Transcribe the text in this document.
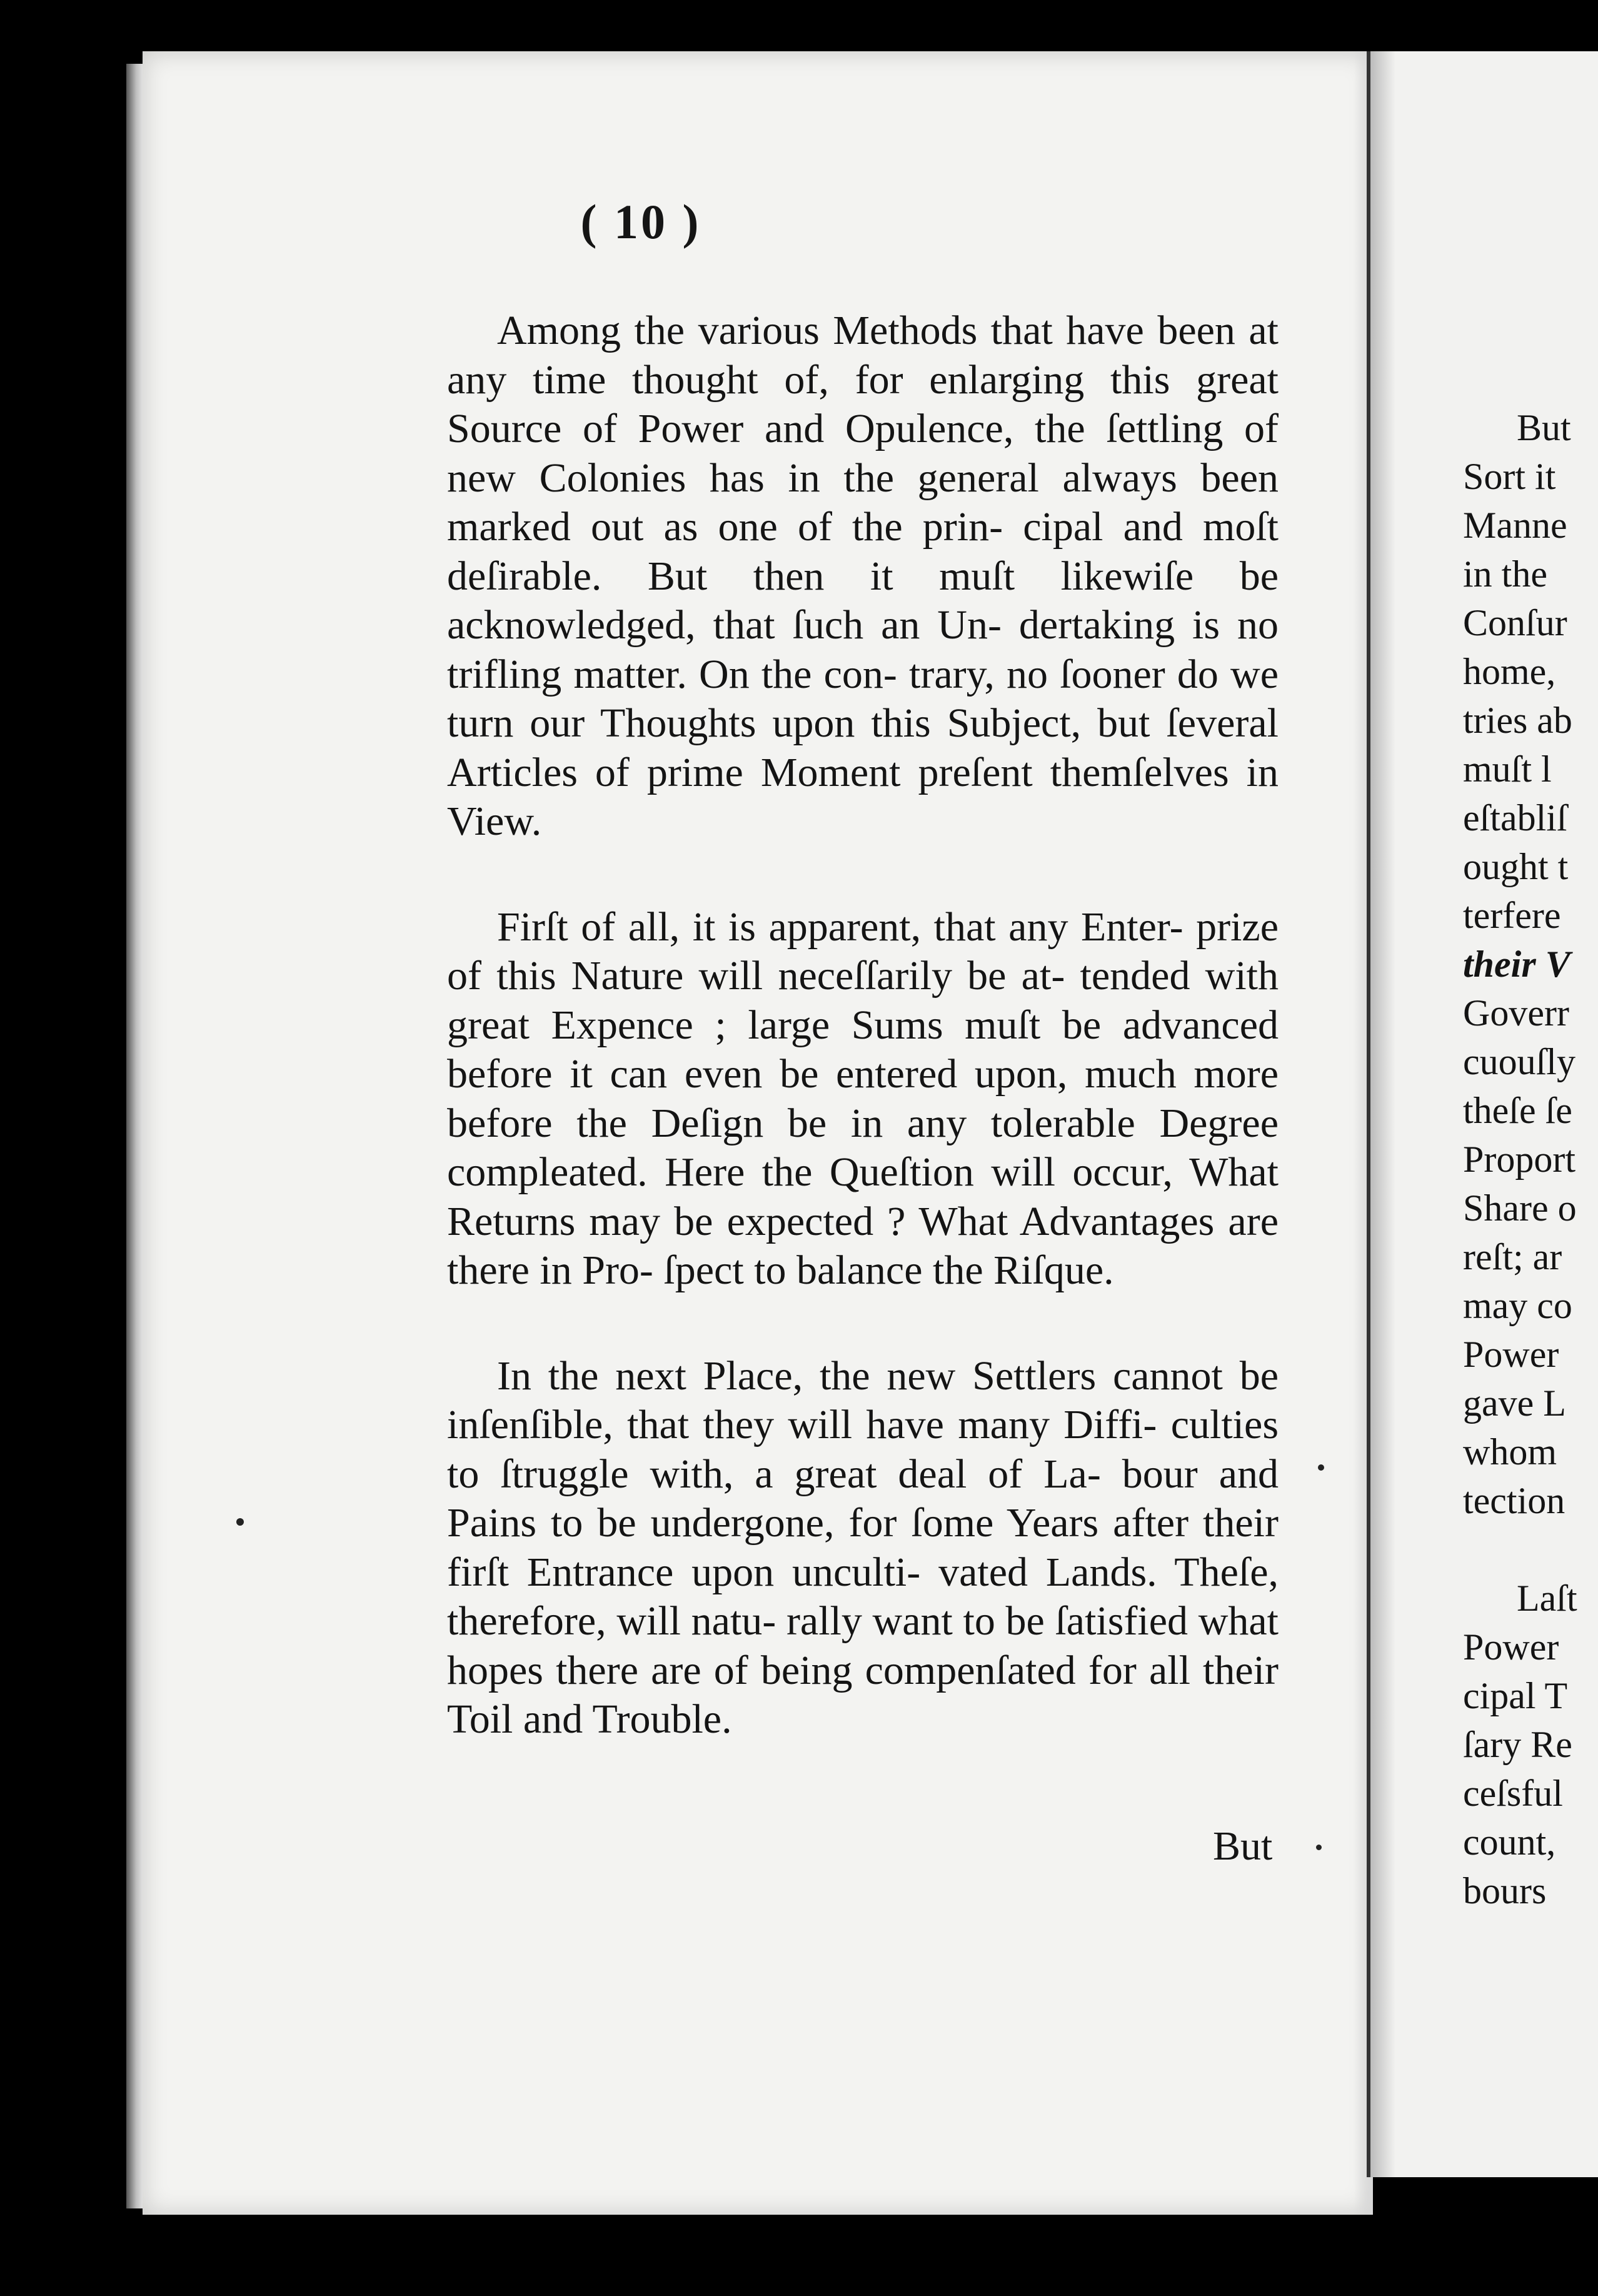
( 10 )

Among the various Methods that have been at any time thought of, for enlarging this great Source of Power and Opulence, the ſettling of new Colonies has in the general always been marked out as one of the prin- cipal and moſt deſirable. But then it muſt likewiſe be acknowledged, that ſuch an Un- dertaking is no trifling matter. On the con- trary, no ſooner do we turn our Thoughts upon this Subject, but ſeveral Articles of prime Moment preſent themſelves in View.

Firſt of all, it is apparent, that any Enter- prize of this Nature will neceſſarily be at- tended with great Expence ; large Sums muſt be advanced before it can even be entered upon, much more before the Deſign be in any tolerable Degree compleated. Here the Queſtion will occur, What Returns may be expected ? What Advantages are there in Pro- ſpect to balance the Riſque.

In the next Place, the new Settlers cannot be inſenſible, that they will have many Diffi- culties to ſtruggle with, a great deal of La- bour and Pains to be undergone, for ſome Years after their firſt Entrance upon unculti- vated Lands. Theſe, therefore, will natu- rally want to be ſatisfied what hopes there are of being compenſated for all their Toil and Trouble.

But
But
Sort it
Manne
in the
Conſur
home,
tries ab
muſt l
eſtabliſ
ought t
terfere
their V
Goverr
cuouſly
theſe ſe
Proport
Share o
reſt; ar
may co
Power
gave L
whom
tection
Laſt
Power
cipal T
ſary Re
ceſsful
count,
bours
